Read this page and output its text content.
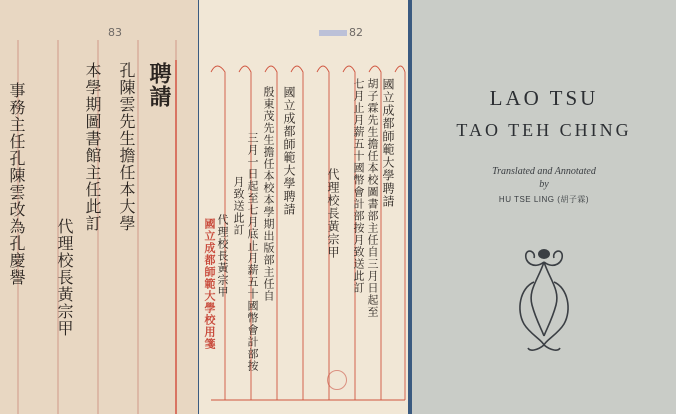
83
聘請
孔陳雲先生擔任本大學
本學期圖書館主任此訂
代理校長黃宗甲
事務主任孔陳雲改為孔慶譽
82
國立成都師範大學聘請
胡子霖先生擔任本校圖書部主任自三月日起至
七月止月薪五十國幣會計部按月致送此訂
代理校長黃宗甲
國立成都師範大學聘請
殷東茂先生擔任本校本學期出版部主任自
三月一日起至七月底止月薪五十國幣會計部按
月致送此訂
代理校長黃宗甲
國立成都師範大學校用箋
LAO TSU
TAO TEH CHING
Translated and Annotated
by
HU TSE LING (胡子霖)
